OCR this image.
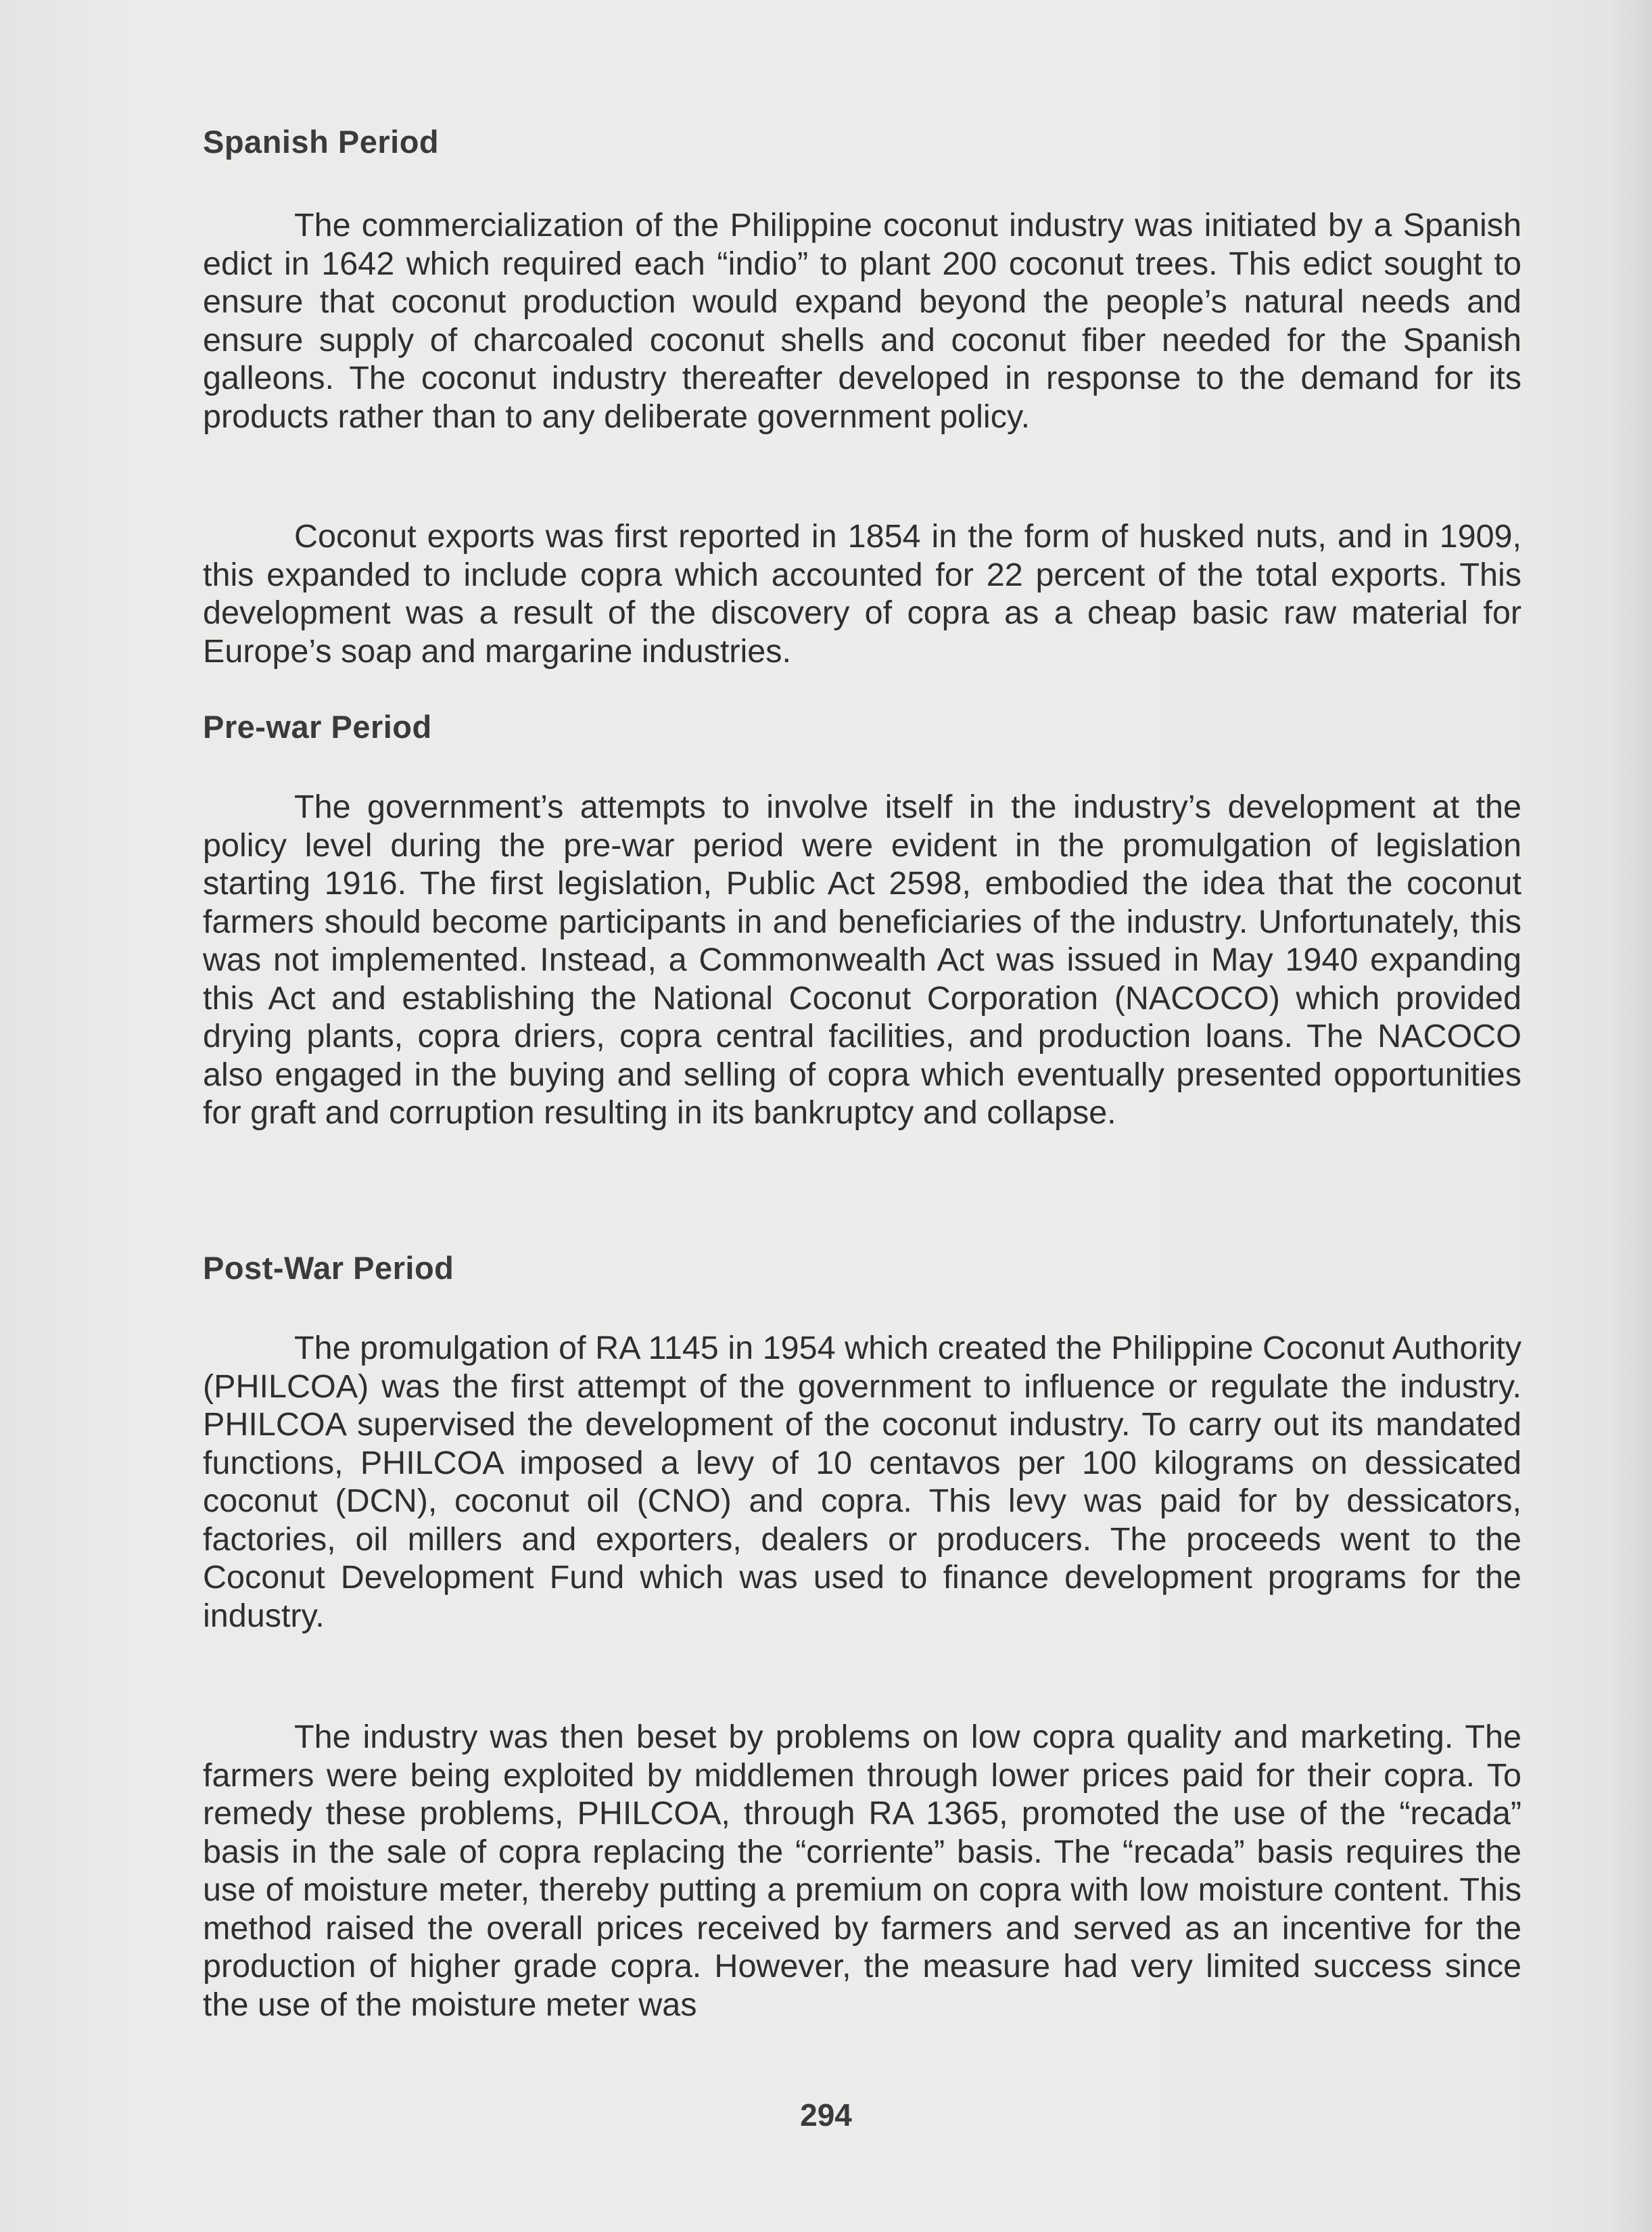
Spanish Period

The commercialization of the Philippine coconut industry was initiated by a Spanish edict in 1642 which required each “indio” to plant 200 coconut trees. This edict sought to ensure that coconut production would expand beyond the people’s natural needs and ensure supply of charcoaled coconut shells and coconut fiber needed for the Spanish galleons. The coconut industry thereafter developed in response to the demand for its products rather than to any deliberate government policy.

Coconut exports was first reported in 1854 in the form of husked nuts, and in 1909, this expanded to include copra which accounted for 22 percent of the total exports. This development was a result of the discovery of copra as a cheap basic raw material for Europe’s soap and margarine industries.

Pre-war Period

The government’s attempts to involve itself in the industry’s development at the policy level during the pre-war period were evident in the promulgation of legislation starting 1916. The first legislation, Public Act 2598, embodied the idea that the coconut farmers should become participants in and beneficiaries of the industry. Unfortunately, this was not implemented. Instead, a Commonwealth Act was issued in May 1940 expanding this Act and establishing the National Coconut Corporation (NACOCO) which provided drying plants, copra driers, copra central facilities, and production loans. The NACOCO also engaged in the buying and selling of copra which eventually presented opportunities for graft and corruption resulting in its bankruptcy and collapse.

Post-War Period

The promulgation of RA 1145 in 1954 which created the Philippine Coconut Authority (PHILCOA) was the first attempt of the government to influence or regulate the industry. PHILCOA supervised the development of the coconut industry. To carry out its mandated functions, PHILCOA imposed a levy of 10 centavos per 100 kilograms on dessicated coconut (DCN), coconut oil (CNO) and copra. This levy was paid for by dessicators, factories, oil millers and exporters, dealers or producers. The proceeds went to the Coconut Development Fund which was used to finance development programs for the industry.

The industry was then beset by problems on low copra quality and marketing. The farmers were being exploited by middlemen through lower prices paid for their copra. To remedy these problems, PHILCOA, through RA 1365, promoted the use of the “recada” basis in the sale of copra replacing the “corriente” basis. The “recada” basis requires the use of moisture meter, thereby putting a premium on copra with low moisture content. This method raised the overall prices received by farmers and served as an incentive for the production of higher grade copra. However, the measure had very limited success since the use of the moisture meter was

294
